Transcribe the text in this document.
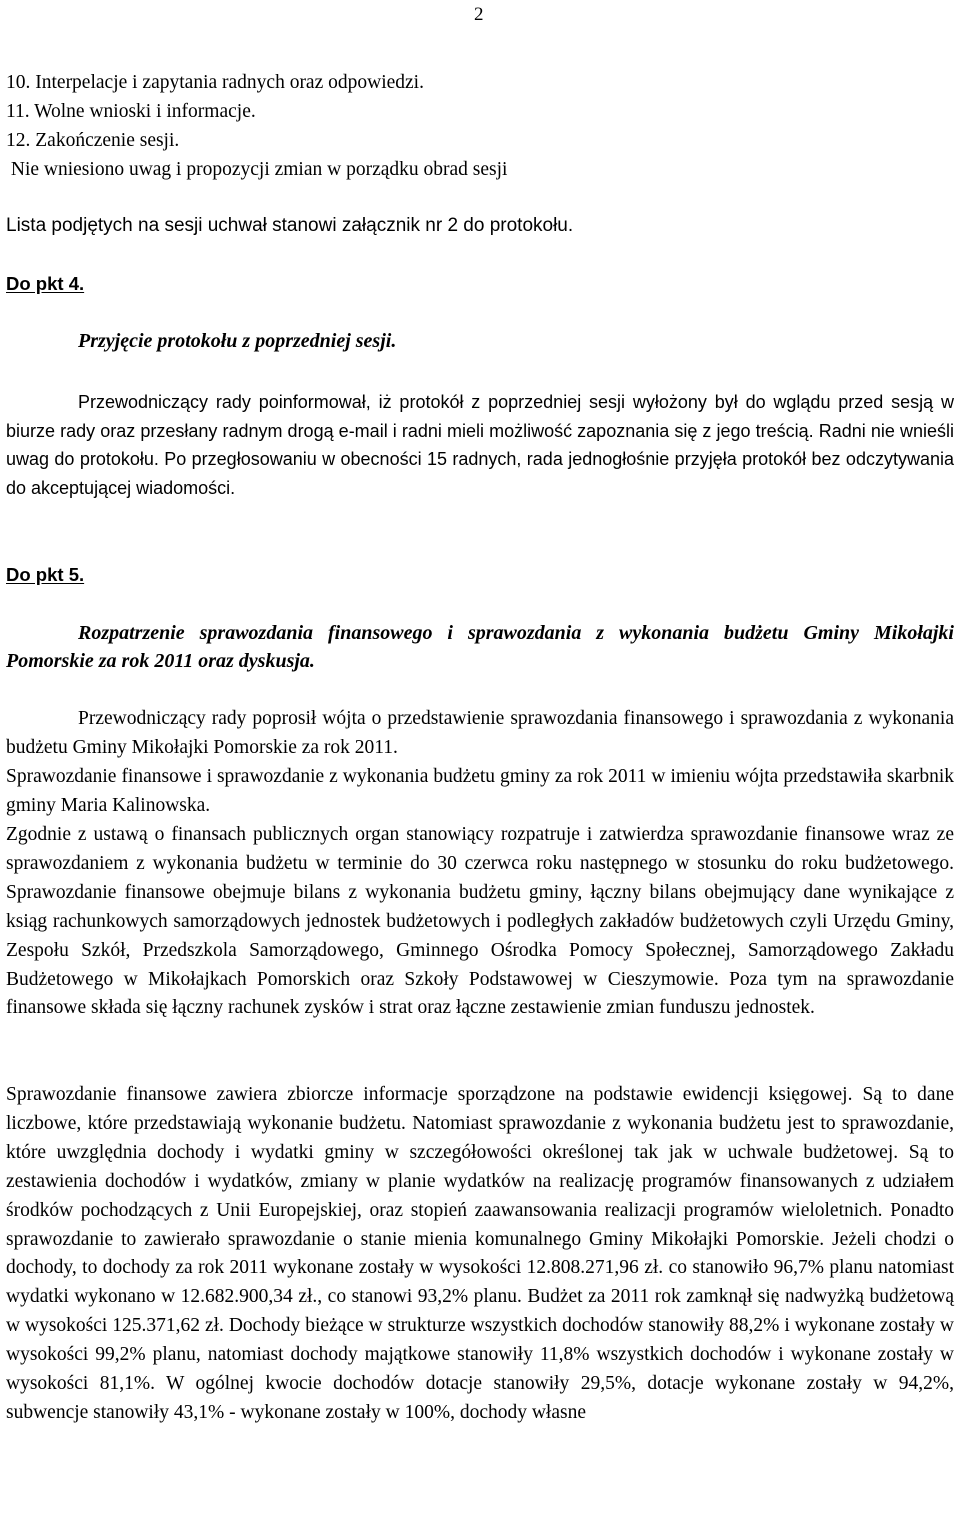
2
10. Interpelacje i zapytania radnych oraz odpowiedzi.
11. Wolne wnioski i informacje.
12. Zakończenie sesji.
Nie wniesiono uwag i propozycji zmian w porządku obrad sesji
Lista podjętych na sesji uchwał stanowi załącznik nr 2 do protokołu.
Do pkt 4.
Przyjęcie protokołu z poprzedniej sesji.

Przewodniczący rady poinformował, iż protokół z poprzedniej sesji wyłożony był do wglądu przed sesją w biurze rady oraz przesłany radnym drogą e-mail i radni mieli możliwość zapoznania się z jego treścią. Radni nie wnieśli uwag do protokołu. Po przegłosowaniu w obecności 15 radnych, rada jednogłośnie przyjęła protokół bez odczytywania do akceptującej wiadomości.

Do pkt 5.

Rozpatrzenie sprawozdania finansowego i sprawozdania z wykonania budżetu Gminy Mikołajki Pomorskie za rok 2011 oraz dyskusja.

Przewodniczący rady poprosił wójta o przedstawienie sprawozdania finansowego i sprawozdania z wykonania budżetu Gminy Mikołajki Pomorskie za rok 2011.

Sprawozdanie finansowe i sprawozdanie z wykonania budżetu gminy za rok 2011 w imieniu wójta przedstawiła skarbnik gminy Maria Kalinowska.

Zgodnie z ustawą o finansach publicznych organ stanowiący rozpatruje i zatwierdza sprawozdanie finansowe wraz ze sprawozdaniem z wykonania budżetu w terminie do 30 czerwca roku następnego w stosunku do roku budżetowego. Sprawozdanie finansowe obejmuje bilans z wykonania budżetu gminy, łączny bilans obejmujący dane wynikające z ksiąg rachunkowych samorządowych jednostek budżetowych i podległych zakładów budżetowych czyli Urzędu Gminy, Zespołu Szkół, Przedszkola Samorządowego, Gminnego Ośrodka Pomocy Społecznej, Samorządowego Zakładu Budżetowego w Mikołajkach Pomorskich oraz Szkoły Podstawowej w Cieszymowie. Poza tym na sprawozdanie finansowe składa się łączny rachunek zysków i strat oraz łączne zestawienie zmian funduszu jednostek.

Sprawozdanie finansowe zawiera zbiorcze informacje sporządzone na podstawie ewidencji księgowej. Są to dane liczbowe, które przedstawiają wykonanie budżetu. Natomiast sprawozdanie z wykonania budżetu jest to sprawozdanie, które uwzględnia dochody i wydatki gminy w szczegółowości określonej tak jak w uchwale budżetowej. Są to zestawienia dochodów i wydatków, zmiany w planie wydatków na realizację programów finansowanych z udziałem środków pochodzących z Unii Europejskiej, oraz stopień zaawansowania realizacji programów wieloletnich. Ponadto sprawozdanie to zawierało sprawozdanie o stanie mienia komunalnego Gminy Mikołajki Pomorskie. Jeżeli chodzi o dochody, to dochody za rok 2011 wykonane zostały w wysokości 12.808.271,96 zł. co stanowiło 96,7% planu natomiast wydatki wykonano w 12.682.900,34 zł., co stanowi 93,2% planu. Budżet za 2011 rok zamknął się nadwyżką budżetową w wysokości 125.371,62 zł. Dochody bieżące w strukturze wszystkich dochodów stanowiły 88,2% i wykonane zostały w wysokości 99,2% planu, natomiast dochody majątkowe stanowiły 11,8% wszystkich dochodów i wykonane zostały w wysokości 81,1%. W ogólnej kwocie dochodów dotacje stanowiły 29,5%, dotacje wykonane zostały w 94,2%, subwencje stanowiły 43,1% - wykonane zostały w 100%, dochody własne
